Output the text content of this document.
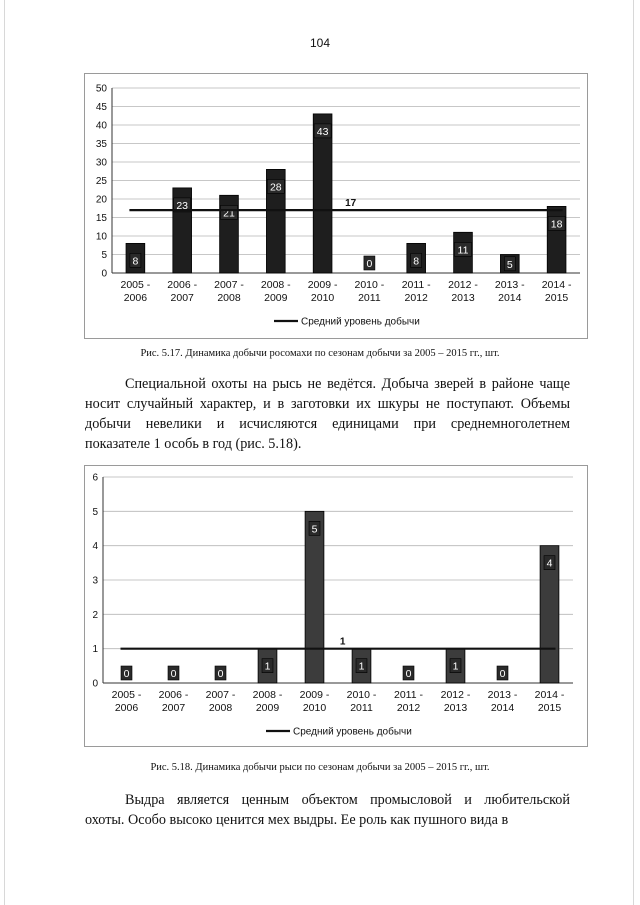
104
0
5
10
15
20
25
30
35
40
45
50
8
2005 -
2006
23
2006 -
2007
21
2007 -
2008
28
2008 -
2009
43
2009 -
2010
0
2010 -
2011
8
2011 -
2012
11
2012 -
2013
5
2013 -
2014
18
2014 -
2015
17
Средний уровень добычи
Рис. 5.17. Динамика добычи росомахи по сезонам добычи за 2005 – 2015 гг., шт.
Специальной охоты на рысь не ведётся. Добыча зверей в районе чаще
носит случайный характер, и в заготовки их шкуры не поступают. Объемы
добычи невелики и исчисляются единицами при среднемноголетнем
показателе 1 особь в год (рис. 5.18).
0
1
2
3
4
5
6
0
2005 -
2006
0
2006 -
2007
0
2007 -
2008
1
2008 -
2009
5
2009 -
2010
1
2010 -
2011
0
2011 -
2012
1
2012 -
2013
0
2013 -
2014
4
2014 -
2015
1
Средний уровень добычи
Рис. 5.18. Динамика добычи рыси по сезонам добычи за 2005 – 2015 гг., шт.
Выдра является ценным объектом промысловой и любительской
охоты. Особо высоко ценится мех выдры. Ее роль как пушного вида в
